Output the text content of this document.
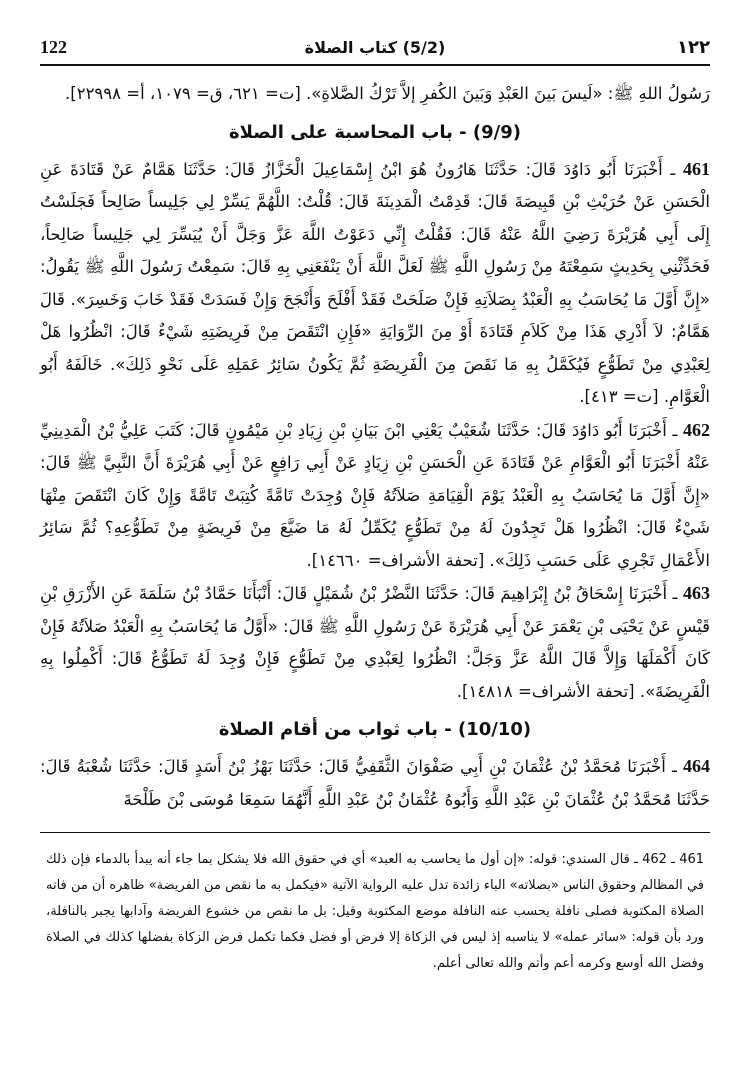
١٢٢
(5/2) كتاب الصلاة
122

رَسُولُ اللهِ ﷺ: «لَيسَ بَينَ العَبْدِ وَبَينَ الكُفرِ إلاَّ تَرْكُ الصَّلاةِ». [ت= ٦٢١، ق= ١٠٧٩، أ= ٢٢٩٩٨].

(9/9) - باب المحاسبة على الصلاة

461 ـ أَخْبَرَنَا أَبُو دَاوُدَ قَالَ: حَدَّثَنَا هَارُونُ هُوَ ابْنُ إِسْمَاعِيلَ الْخَزَّازُ قَالَ: حَدَّثَنَا هَمَّامٌ عَنْ قَتَادَةَ عَنِ الْحَسَنِ عَنْ حُرَيْثِ بْنِ قَبِيصَةَ قَالَ: قَدِمْتُ الْمَدِينَةَ قَالَ: قُلْتُ: اللَّهُمَّ يَسِّرْ لِي جَلِيساً صَالِحاً فَجَلَسْتُ إِلَى أَبِي هُرَيْرَةَ رَضِيَ اللَّهُ عَنْهُ قَالَ: فَقُلْتُ إِنِّي دَعَوْتُ اللَّهَ عَزَّ وَجَلَّ أَنْ يُيَسِّرَ لِي جَلِيساً صَالِحاً، فَحَدِّثْنِي بِحَدِيثٍ سَمِعْتَهُ مِنْ رَسُولِ اللَّهِ ﷺ لَعَلَّ اللَّهَ أَنْ يَنْفَعَنِي بِهِ قَالَ: سَمِعْتُ رَسُولَ اللَّهِ ﷺ يَقُولُ: «إِنَّ أَوَّلَ مَا يُحَاسَبُ بِهِ الْعَبْدُ بِصَلاَتِهِ فَإِنْ صَلَحَتْ فَقَدْ أَفْلَحَ وَأَنْجَحَ وَإِنْ فَسَدَتْ فَقَدْ خَابَ وَخَسِرَ». قَالَ هَمَّامٌ: لاَ أَدْرِي هَذَا مِنْ كَلاَمِ قَتَادَةَ أَوْ مِنَ الرِّوَايَةِ «فَإِنِ انْتَقَصَ مِنْ فَرِيضَتِهِ شَيْءٌ قَالَ: انْظُرُوا هَلْ لِعَبْدِي مِنْ تَطَوُّعٍ فَيُكَمَّلُ بِهِ مَا نَقَصَ مِنَ الْفَرِيضَةِ ثُمَّ يَكُونُ سَائِرُ عَمَلِهِ عَلَى نَحْوِ ذَلِكَ». خَالَفَهُ أَبُو الْعَوَّامِ. [ت= ٤١٣].

462 ـ أَخْبَرَنَا أَبُو دَاوُدَ قَالَ: حَدَّثَنَا شُعَيْبٌ يَعْنِي ابْنَ بَيَانِ بْنِ زِيَادِ بْنِ مَيْمُونٍ قَالَ: كَتَبَ عَلِيُّ بْنُ الْمَدِينِيِّ عَنْهُ أَخْبَرَنَا أَبُو الْعَوَّامِ عَنْ قَتَادَةَ عَنِ الْحَسَنِ بْنِ زِيَادٍ عَنْ أَبِي رَافِعٍ عَنْ أَبِي هُرَيْرَةَ أَنَّ النَّبِيَّ ﷺ قَالَ: «إِنَّ أَوَّلَ مَا يُحَاسَبُ بِهِ الْعَبْدُ يَوْمَ الْقِيَامَةِ صَلاَتُهُ فَإِنْ وُجِدَتْ تَامَّةً كُتِبَتْ تَامَّةً وَإِنْ كَانَ انْتَقَصَ مِنْهَا شَيْءٌ قَالَ: انْظُرُوا هَلْ تَجِدُونَ لَهُ مِنْ تَطَوُّعٍ يُكَمِّلُ لَهُ مَا ضَيَّعَ مِنْ فَرِيضَةٍ مِنْ تَطَوُّعِهِ؟ ثُمَّ سَائِرُ الأَعْمَالِ تَجْرِي عَلَى حَسَبِ ذَلِكَ». [تحفة الأشراف= ١٤٦٦٠].

463 ـ أَخْبَرَنَا إِسْحَاقُ بْنُ إِبْرَاهِيمَ قَالَ: حَدَّثَنَا النَّضْرُ بْنُ شُمَيْلٍ قَالَ: أَنْبَأَنَا حَمَّادُ بْنُ سَلَمَةَ عَنِ الأَزْرَقِ بْنِ قَيْسٍ عَنْ يَحْيَى بْنِ يَعْمَرَ عَنْ أَبِي هُرَيْرَةَ عَنْ رَسُولِ اللَّهِ ﷺ قَالَ: «أَوَّلُ مَا يُحَاسَبُ بِهِ الْعَبْدُ صَلاَتُهُ فَإِنْ كَانَ أَكْمَلَهَا وَإِلاَّ قَالَ اللَّهُ عَزَّ وَجَلَّ: انْظُرُوا لِعَبْدِي مِنْ تَطَوُّعٍ فَإِنْ وُجِدَ لَهُ تَطَوُّعٌ قَالَ: أَكْمِلُوا بِهِ الْفَرِيضَةَ». [تحفة الأشراف= ١٤٨١٨].

(10/10) - باب ثواب من أقام الصلاة

464 ـ أَخْبَرَنَا مُحَمَّدُ بْنُ عُثْمَانَ بْنِ أَبِي صَفْوَانَ الثَّقَفِيُّ قَالَ: حَدَّثَنَا بَهْزُ بْنُ أَسَدٍ قَالَ: حَدَّثَنَا شُعْبَةُ قَالَ: حَدَّثَنَا مُحَمَّدُ بْنُ عُثْمَانَ بْنِ عَبْدِ اللَّهِ وَأَبُوهُ عُثْمَانُ بْنُ عَبْدِ اللَّهِ أَنَّهُمَا سَمِعَا مُوسَى بْنَ طَلْحَةَ

461 ـ 462 ـ قال السندي: قوله: «إن أول ما يحاسب به العبد» أي في حقوق الله فلا يشكل بما جاء أنه يبدأ بالدماء فإن ذلك في المظالم وحقوق الناس «بصلاته» الباء زائدة تدل عليه الرواية الآتية «فيكمل به ما نقص من الفريضة» ظاهره أن من فاته الصلاة المكتوبة فصلى نافلة يحسب عنه النافلة موضع المكتوبة وقيل: بل ما نقص من خشوع الفريضة وآدابها يجبر بالنافلة، ورد بأن قوله: «سائر عمله» لا يناسبه إذ ليس في الزكاة إلا فرض أو فضل فكما تكمل فرض الزكاة بفضلها كذلك في الصلاة وفضل الله أوسع وكرمه أعم وأتم والله تعالى أعلم.
